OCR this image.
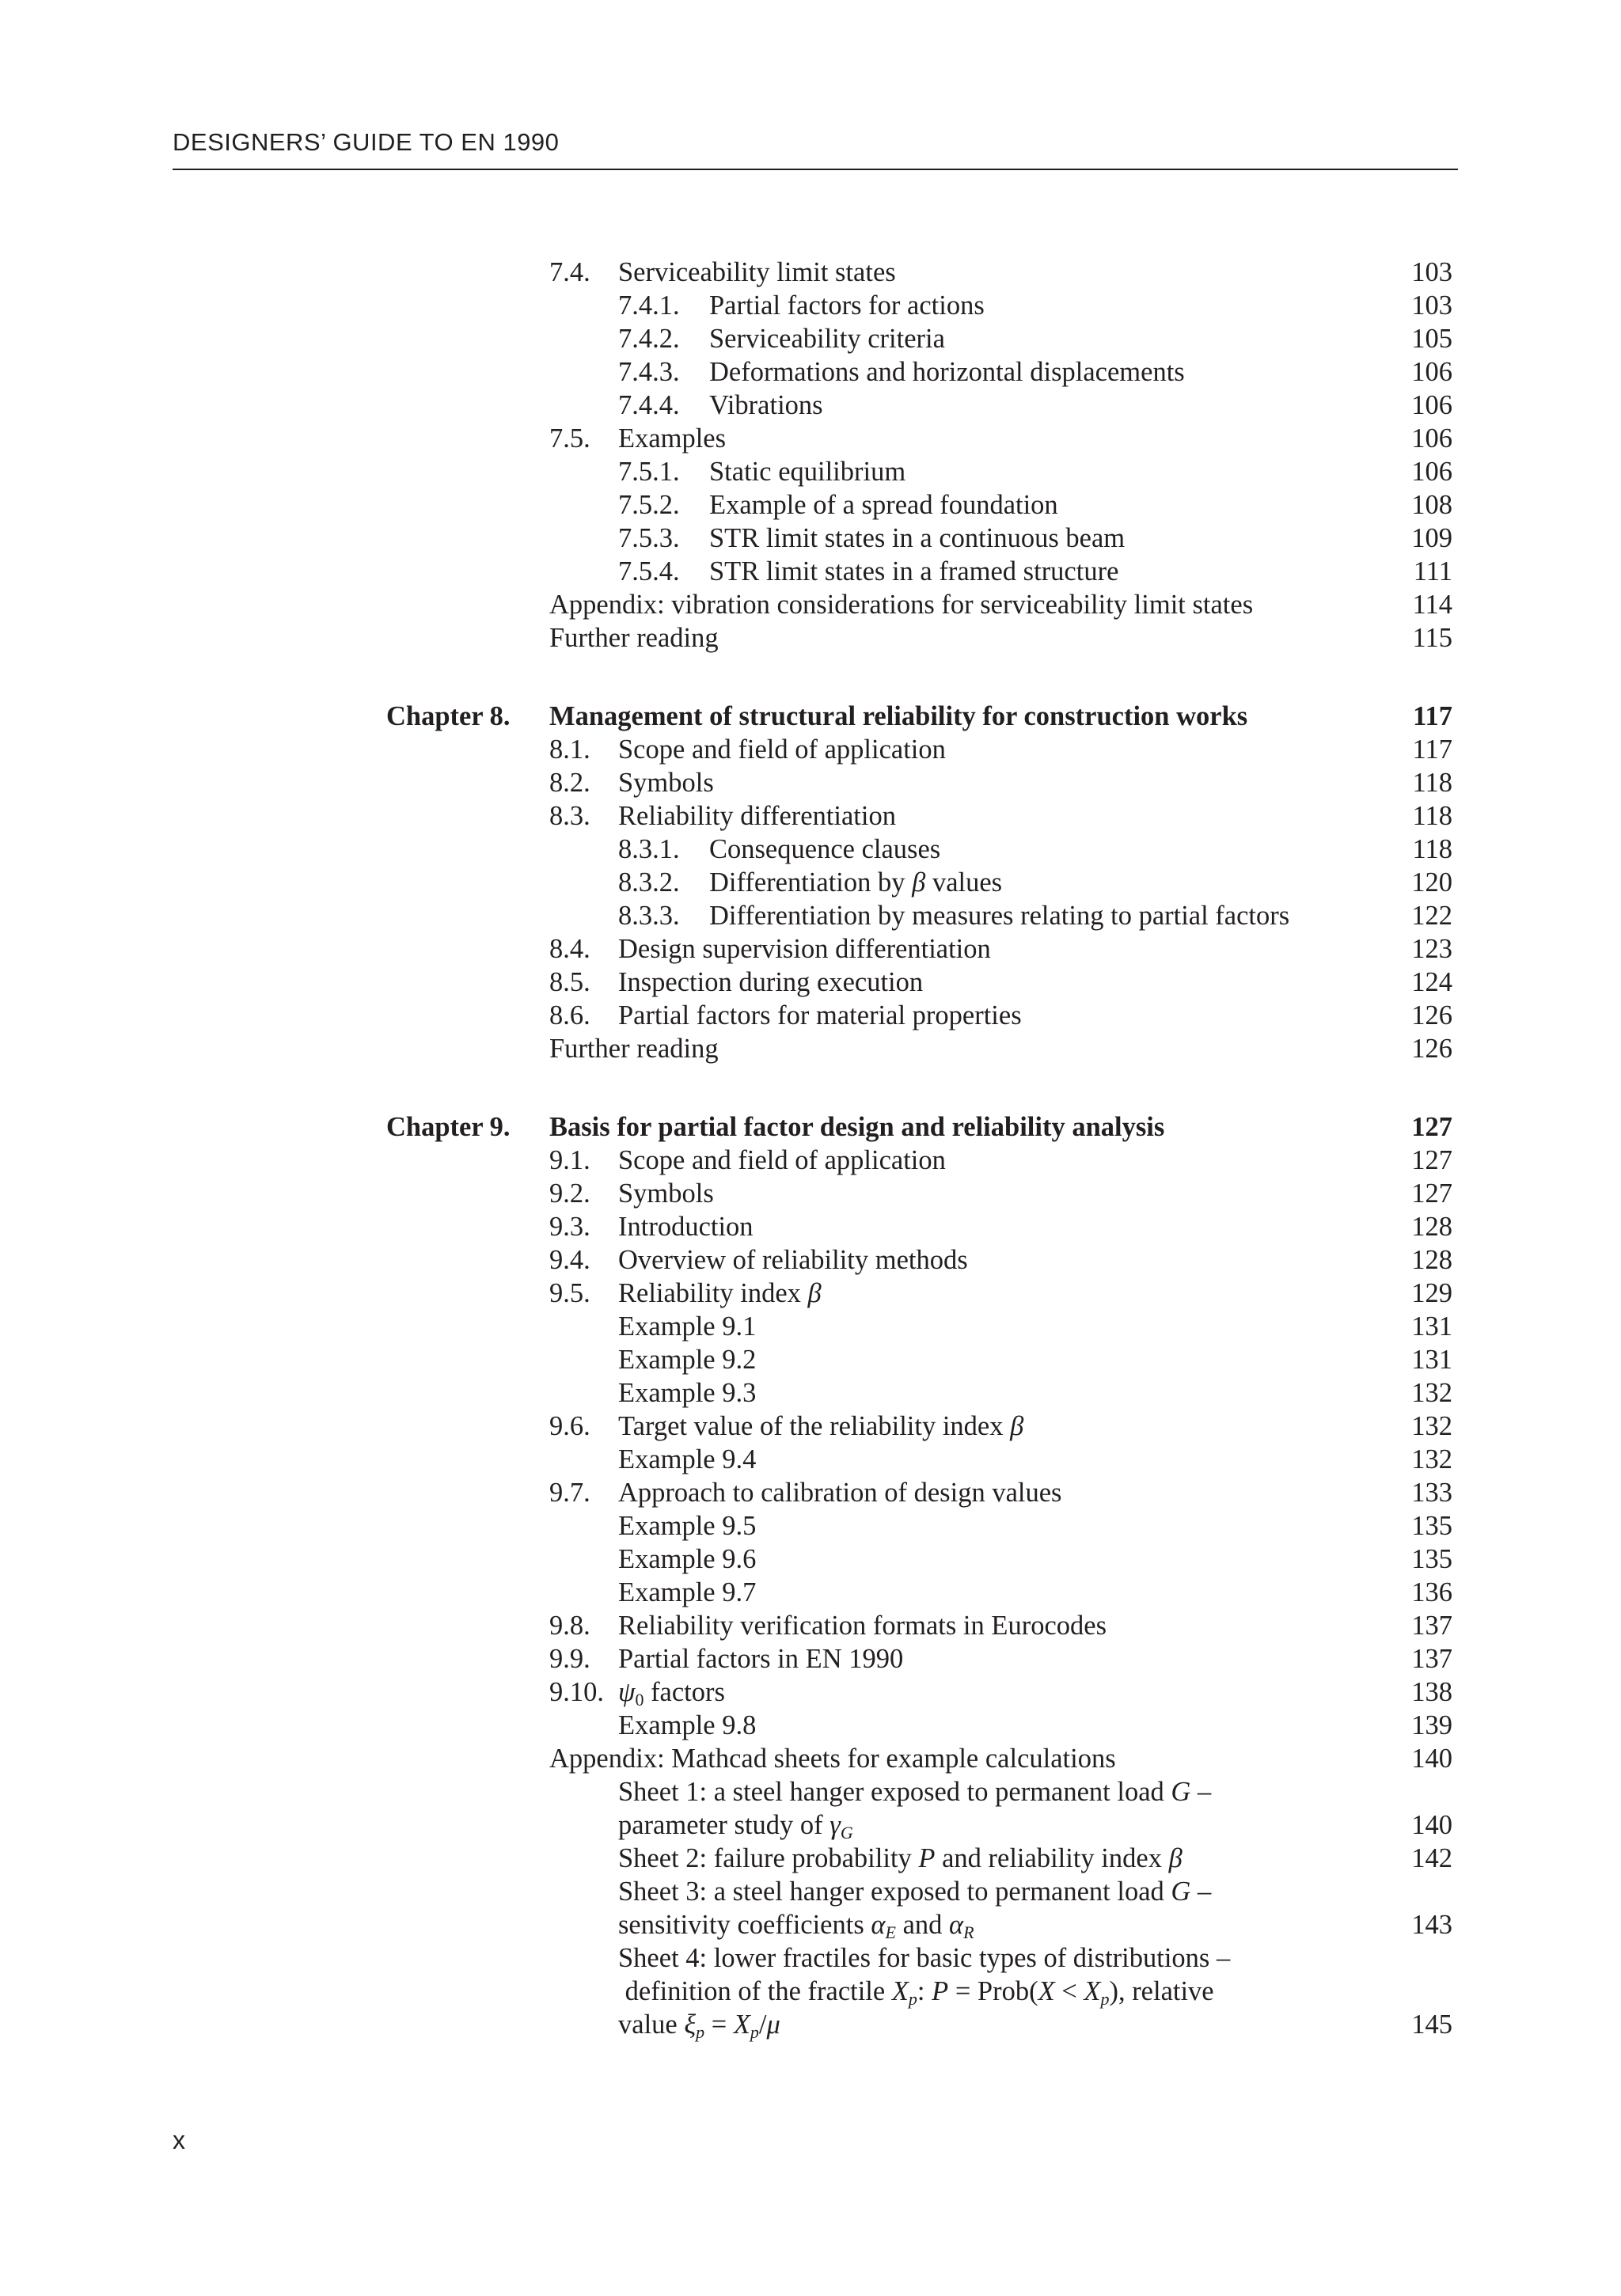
DESIGNERS’ GUIDE TO EN 1990
7.4. Serviceability limit states	103
7.4.1. Partial factors for actions	103
7.4.2. Serviceability criteria	105
7.4.3. Deformations and horizontal displacements	106
7.4.4. Vibrations	106
7.5. Examples	106
7.5.1. Static equilibrium	106
7.5.2. Example of a spread foundation	108
7.5.3. STR limit states in a continuous beam	109
7.5.4. STR limit states in a framed structure	111
Appendix: vibration considerations for serviceability limit states	114
Further reading	115
Chapter 8. Management of structural reliability for construction works	117
8.1. Scope and field of application	117
8.2. Symbols	118
8.3. Reliability differentiation	118
8.3.1. Consequence clauses	118
8.3.2. Differentiation by β values	120
8.3.3. Differentiation by measures relating to partial factors	122
8.4. Design supervision differentiation	123
8.5. Inspection during execution	124
8.6. Partial factors for material properties	126
Further reading	126
Chapter 9. Basis for partial factor design and reliability analysis	127
9.1. Scope and field of application	127
9.2. Symbols	127
9.3. Introduction	128
9.4. Overview of reliability methods	128
9.5. Reliability index β	129
Example 9.1	131
Example 9.2	131
Example 9.3	132
9.6. Target value of the reliability index β	132
Example 9.4	132
9.7. Approach to calibration of design values	133
Example 9.5	135
Example 9.6	135
Example 9.7	136
9.8. Reliability verification formats in Eurocodes	137
9.9. Partial factors in EN 1990	137
9.10. $\psi_0$ factors	138
Example 9.8	139
Appendix: Mathcad sheets for example calculations	140
Sheet 1: a steel hanger exposed to permanent load G –
parameter study of $\gamma_G$	140
Sheet 2: failure probability P and reliability index β	142
Sheet 3: a steel hanger exposed to permanent load G –
sensitivity coefficients $\alpha_E$ and $\alpha_R$	143
Sheet 4: lower fractiles for basic types of distributions –
definition of the fractile $X_p$: P = Prob(X < $X_p$), relative
value $\xi_p = X_p/\mu$	145
x
